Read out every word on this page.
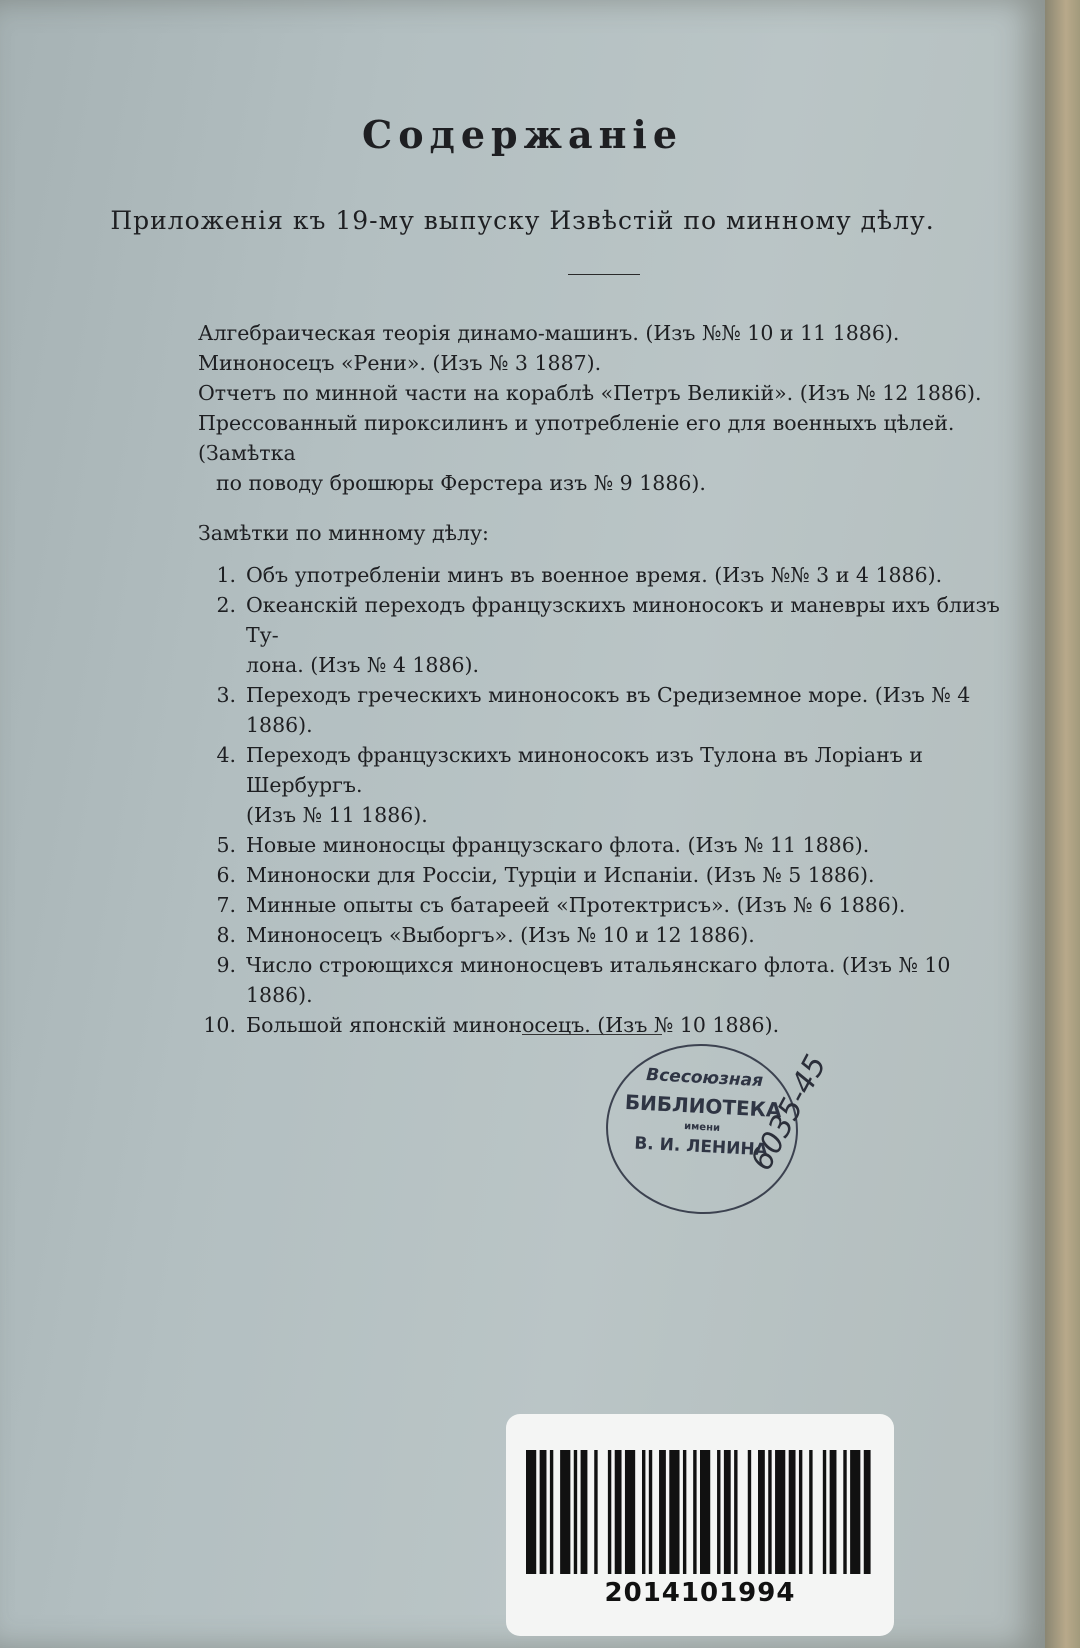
Содержанiе

Приложенiя къ 19-му выпуску Извѣстiй по минному дѣлу.

Алгебраическая теорiя динамо-машинъ. (Изъ №№ 10 и 11 1886).

Миноносецъ «Рени». (Изъ № 3 1887).

Отчетъ по минной части на кораблѣ «Петръ Великiй». (Изъ № 12 1886).

Прессованный пироксилинъ и употребленiе его для военныхъ цѣлей. (Замѣтка

по поводу брошюры Ферстера изъ № 9 1886).

Замѣтки по минному дѣлу:

1. Объ употребленiи минъ въ военное время. (Изъ №№ 3 и 4 1886).
2. Океанскiй переходъ французскихъ миноносокъ и маневры ихъ близъ Ту-
лона. (Изъ № 4 1886).
3. Переходъ греческихъ миноносокъ въ Средиземное море. (Изъ № 4 1886).
4. Переходъ французскихъ миноносокъ изъ Тулона въ Лорiанъ и Шербургъ.
(Изъ № 11 1886).
5. Новые миноносцы французскаго флота. (Изъ № 11 1886).
6. Миноноски для Россiи, Турцiи и Испанiи. (Изъ № 5 1886).
7. Минные опыты съ батареей «Протектрисъ». (Изъ № 6 1886).
8. Миноносецъ «Выборгъ». (Изъ № 10 и 12 1886).
9. Число строющихся миноносцевъ итальянскаго флота. (Изъ № 10 1886).
10. Большой японскiй миноносецъ. (Изъ № 10 1886).
Всесоюзная
БИБЛИОТЕКА
имени
В. И. ЛЕНИНА
6035-45
2014101994
